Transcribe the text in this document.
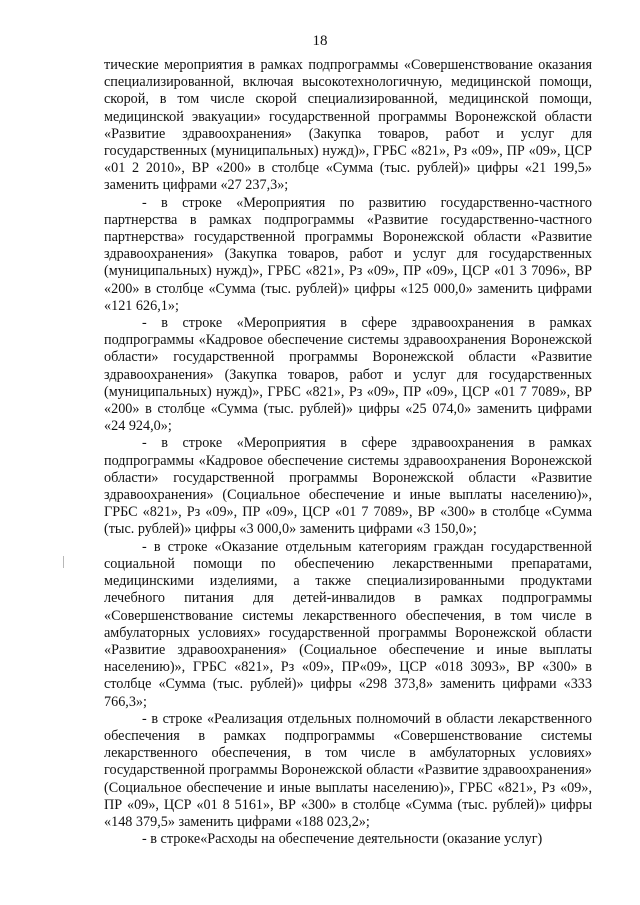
18

тические мероприятия в рамках подпрограммы «Совершенствование оказания специализированной, включая высокотехнологичную, медицинской помощи, скорой, в том числе скорой специализированной, медицинской помощи, медицинской эвакуации» государственной программы Воронежской области «Развитие здравоохранения» (Закупка товаров, работ и услуг для государственных (муниципальных) нужд)», ГРБС «821», Рз «09», ПР «09», ЦСР «01 2 2010», ВР «200» в столбце «Сумма (тыс. рублей)» цифры «21 199,5» заменить цифрами «27 237,3»;

- в строке «Мероприятия по развитию государственно-частного партнерства в рамках подпрограммы «Развитие государственно-частного партнерства» государственной программы Воронежской области «Развитие здравоохранения» (Закупка товаров, работ и услуг для государственных (муниципальных) нужд)», ГРБС «821», Рз «09», ПР «09», ЦСР «01 3 7096», ВР «200» в столбце «Сумма (тыс. рублей)» цифры «125 000,0» заменить цифрами «121 626,1»;

- в строке «Мероприятия в сфере здравоохранения в рамках подпрограммы «Кадровое обеспечение системы здравоохранения Воронежской области» государственной программы Воронежской области «Развитие здравоохранения» (Закупка товаров, работ и услуг для государственных (муниципальных) нужд)», ГРБС «821», Рз «09», ПР «09», ЦСР «01 7 7089», ВР «200» в столбце «Сумма (тыс. рублей)» цифры «25 074,0» заменить цифрами «24 924,0»;

- в строке «Мероприятия в сфере здравоохранения в рамках подпрограммы «Кадровое обеспечение системы здравоохранения Воронежской области» государственной программы Воронежской области «Развитие здравоохранения» (Социальное обеспечение и иные выплаты населению)», ГРБС «821», Рз «09», ПР «09», ЦСР «01 7 7089», ВР «300» в столбце «Сумма (тыс. рублей)» цифры «3 000,0» заменить цифрами «3 150,0»;

- в строке «Оказание отдельным категориям граждан государственной социальной помощи по обеспечению лекарственными препаратами, медицинскими изделиями, а также специализированными продуктами лечебного питания для детей-инвалидов в рамках подпрограммы «Совершенствование системы лекарственного обеспечения, в том числе в амбулаторных условиях» государственной программы Воронежской области «Развитие здравоохранения» (Социальное обеспечение и иные выплаты населению)», ГРБС «821», Рз «09», ПР«09», ЦСР «018 3093», ВР «300» в столбце «Сумма (тыс. рублей)» цифры «298 373,8» заменить цифрами «333 766,3»;

- в строке «Реализация отдельных полномочий в области лекарственного обеспечения в рамках подпрограммы «Совершенствование системы лекарственного обеспечения, в том числе в амбулаторных условиях» государственной программы Воронежской области «Развитие здравоохранения» (Социальное обеспечение и иные выплаты населению)», ГРБС «821», Рз «09», ПР «09», ЦСР «01 8 5161», ВР «300» в столбце «Сумма (тыс. рублей)» цифры «148 379,5» заменить цифрами «188 023,2»;

- в строке«Расходы на обеспечение деятельности (оказание услуг)
